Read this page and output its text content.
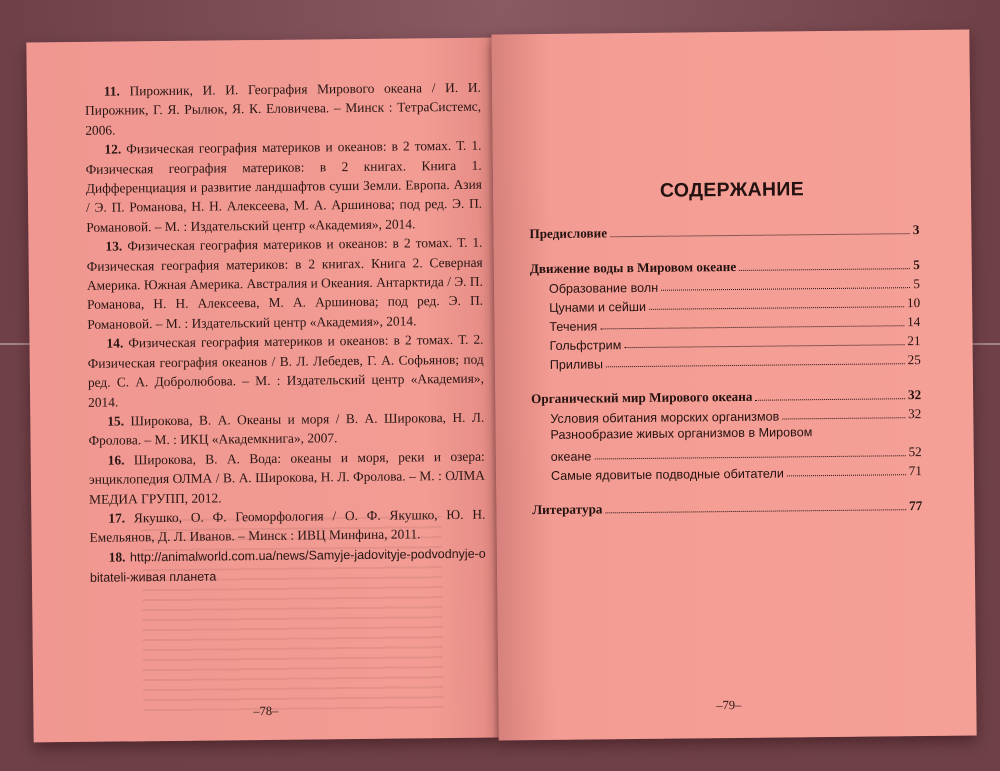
11. Пирожник, И. И. География Мирового океана / И. И. Пирожник, Г. Я. Рылюк, Я. К. Еловичева. – Минск : ТетраСистемс, 2006.

12. Физическая география материков и океанов: в 2 томах. Т. 1. Физическая география материков: в 2 книгах. Книга 1. Дифференциация и развитие ландшафтов суши Земли. Европа. Азия / Э. П. Романова, Н. Н. Алексеева, М. А. Аршинова; под ред. Э. П. Романовой. – М. : Издательский центр «Академия», 2014.

13. Физическая география материков и океанов: в 2 томах. Т. 1. Физическая география материков: в 2 книгах. Книга 2. Северная Америка. Южная Америка. Австралия и Океания. Антарктида / Э. П. Романова, Н. Н. Алексеева, М. А. Аршинова; под ред. Э. П. Романовой. – М. : Издательский центр «Академия», 2014.

14. Физическая география материков и океанов: в 2 томах. Т. 2. Физическая география океанов / В. Л. Лебедев, Г. А. Софьянов; под ред. С. А. Добролюбова. – М. : Издательский центр «Академия», 2014.

15. Широкова, В. А. Океаны и моря / В. А. Широкова, Н. Л. Фролова. – М. : ИКЦ «Академкнига», 2007.

16. Широкова, В. А. Вода: океаны и моря, реки и озера: энциклопедия ОЛМА / В. А. Широкова, Н. Л. Фролова. – М. : ОЛМА МЕДИА ГРУПП, 2012.

17. Якушко, О. Ф. Геоморфология / О. Ф. Якушко, Ю. Н. Емельянов, Д. Л. Иванов. – Минск : ИВЦ Минфина, 2011.

18. http://animalworld.com.ua/news/Samyje-jadovityje-podvodnyje-obitateli-живая планета

–78–
СОДЕРЖАНИЕ
Предисловие	3
Движение воды в Мировом океане	5
Образование волн	5
Цунами и сейши	10
Течения	14
Гольфстрим	21
Приливы	25
Органический мир Мирового океана	32
Условия обитания морских организмов	32
Разнообразие живых организмов в Мировом
океане	52
Самые ядовитые подводные обитатели	71
Литература	77
–79–
